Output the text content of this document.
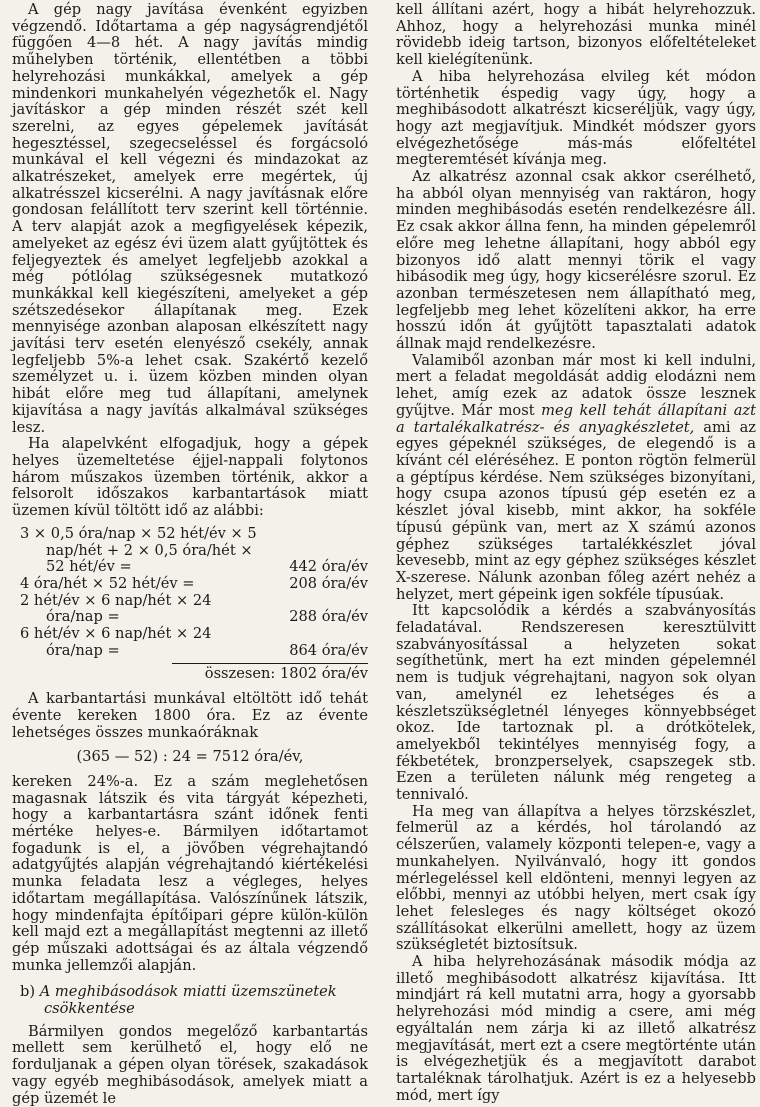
A gép nagy javítása évenként egyizben végzendő. Időtartama a gép nagyságrendjétől függően 4—8 hét. A nagy javítás mindig műhelyben történik, ellentétben a többi helyrehozási munkákkal, amelyek a gép mindenkori munkahelyén végezhetők el. Nagy javításkor a gép minden részét szét kell szerelni, az egyes gépelemek javítását hegesztéssel, szegecseléssel és forgácsoló munkával el kell végezni és mindazokat az alkatrészeket, amelyek erre megértek, új alkatrésszel kicserélni. A nagy javításnak előre gondosan felállított terv szerint kell történnie. A terv alapját azok a megfigyelések képezik, amelyeket az egész évi üzem alatt gyűjtöttek és feljegyeztek és amelyet legfeljebb azokkal a még pótlólag szükségesnek mutatkozó munkákkal kell kiegészíteni, amelyeket a gép szétszedésekor állapítanak meg. Ezek mennyisége azonban alaposan elkészített nagy javítási terv esetén elenyésző csekély, annak legfeljebb 5%-a lehet csak. Szakértő kezelő személyzet u. i. üzem közben minden olyan hibát előre meg tud állapítani, amelynek kijavítása a nagy javítás alkalmával szükséges lesz.

Ha alapelvként elfogadjuk, hogy a gépek helyes üzemeltetése éjjel-nappali folytonos három műszakos üzemben történik, akkor a felsorolt időszakos karbantartások miatt üzemen kívül töltött idő az alábbi:

3 × 0,5 óra/nap × 52 hét/év × 5
nap/hét + 2 × 0,5 óra/hét ×
52 hét/év =	442 óra/év
4 óra/hét × 52 hét/év =	208 óra/év
2 hét/év × 6 nap/hét × 24
óra/nap =	288 óra/év
6 hét/év × 6 nap/hét × 24
óra/nap =	864 óra/év
összesen: 1802 óra/év

A karbantartási munkával eltöltött idő tehát évente kereken 1800 óra. Ez az évente lehetséges összes munkaóráknak

(365 — 52) : 24 = 7512 óra/év,

kereken 24%-a. Ez a szám meglehetősen magasnak látszik és vita tárgyát képezheti, hogy a karbantartásra szánt időnek fenti mértéke helyes-e. Bármilyen időtartamot fogadunk is el, a jövőben végrehajtandó adatgyűjtés alapján végrehajtandó kiértékelési munka feladata lesz a végleges, helyes időtartam megállapítása. Valószínűnek látszik, hogy mindenfajta építőipari gépre külön-külön kell majd ezt a megállapítást megtenni az illető gép műszaki adottságai és az általa végzendő munka jellemzői alapján.

b) A meghibásodások miatti üzemszünetek
csökkentése

Bármilyen gondos megelőző karbantartás mellett sem kerülhető el, hogy elő ne forduljanak a gépen olyan törések, szakadások vagy egyéb meghibásodások, amelyek miatt a gép üzemét le

kell állítani azért, hogy a hibát helyrehozzuk. Ahhoz, hogy a helyrehozási munka minél rövidebb ideig tartson, bizonyos előfeltételeket kell kielégítenünk.

A hiba helyrehozása elvileg két módon történhetik éspedig vagy úgy, hogy a meghibásodott alkatrészt kicseréljük, vagy úgy, hogy azt megjavítjuk. Mindkét módszer gyors elvégezhetősége más-más előfeltétel megteremtését kívánja meg.

Az alkatrész azonnal csak akkor cserélhető, ha abból olyan mennyiség van raktáron, hogy minden meghibásodás esetén rendelkezésre áll. Ez csak akkor állna fenn, ha minden gépelemről előre meg lehetne állapítani, hogy abból egy bizonyos idő alatt mennyi törik el vagy hibásodik meg úgy, hogy kicserélésre szorul. Ez azonban természetesen nem állapítható meg, legfeljebb meg lehet közelíteni akkor, ha erre hosszú időn át gyűjtött tapasztalati adatok állnak majd rendelkezésre.

Valamiből azonban már most ki kell indulni, mert a feladat megoldását addig elodázni nem lehet, amíg ezek az adatok össze lesznek gyűjtve. Már most meg kell tehát állapítani azt a tartalékalkatrész- és anyagkészletet, ami az egyes gépeknél szükséges, de elegendő is a kívánt cél eléréséhez. E ponton rögtön felmerül a géptípus kérdése. Nem szükséges bizonyítani, hogy csupa azonos típusú gép esetén ez a készlet jóval kisebb, mint akkor, ha sokféle típusú gépünk van, mert az X számú azonos géphez szükséges tartalékkészlet jóval kevesebb, mint az egy géphez szükséges készlet X-szerese. Nálunk azonban főleg azért nehéz a helyzet, mert gépeink igen sokféle típusúak.

Itt kapcsolódik a kérdés a szabványosítás feladatával. Rendszeresen keresztülvitt szabványosítással a helyzeten sokat segíthetünk, mert ha ezt minden gépelemnél nem is tudjuk végrehajtani, nagyon sok olyan van, amelynél ez lehetséges és a készletszükségletnél lényeges könnyebbséget okoz. Ide tartoznak pl. a drótkötelek, amelyekből tekintélyes mennyiség fogy, a fékbetétek, bronzperselyek, csapszegek stb. Ezen a területen nálunk még rengeteg a tennivaló.

Ha meg van állapítva a helyes törzskészlet, felmerül az a kérdés, hol tárolandó az célszerűen, valamely központi telepen-e, vagy a munkahelyen. Nyilvánvaló, hogy itt gondos mérlegeléssel kell eldönteni, mennyi legyen az előbbi, mennyi az utóbbi helyen, mert csak így lehet felesleges és nagy költséget okozó szállításokat elkerülni amellett, hogy az üzem szükségletét biztosítsuk.

A hiba helyrehozásának második módja az illető meghibásodott alkatrész kijavítása. Itt mindjárt rá kell mutatni arra, hogy a gyorsabb helyrehozási mód mindig a csere, ami még egyáltalán nem zárja ki az illető alkatrész megjavítását, mert ezt a csere megtörténte után is elvégezhetjük és a megjavított darabot tartaléknak tárolhatjuk. Azért is ez a helyesebb mód, mert így
